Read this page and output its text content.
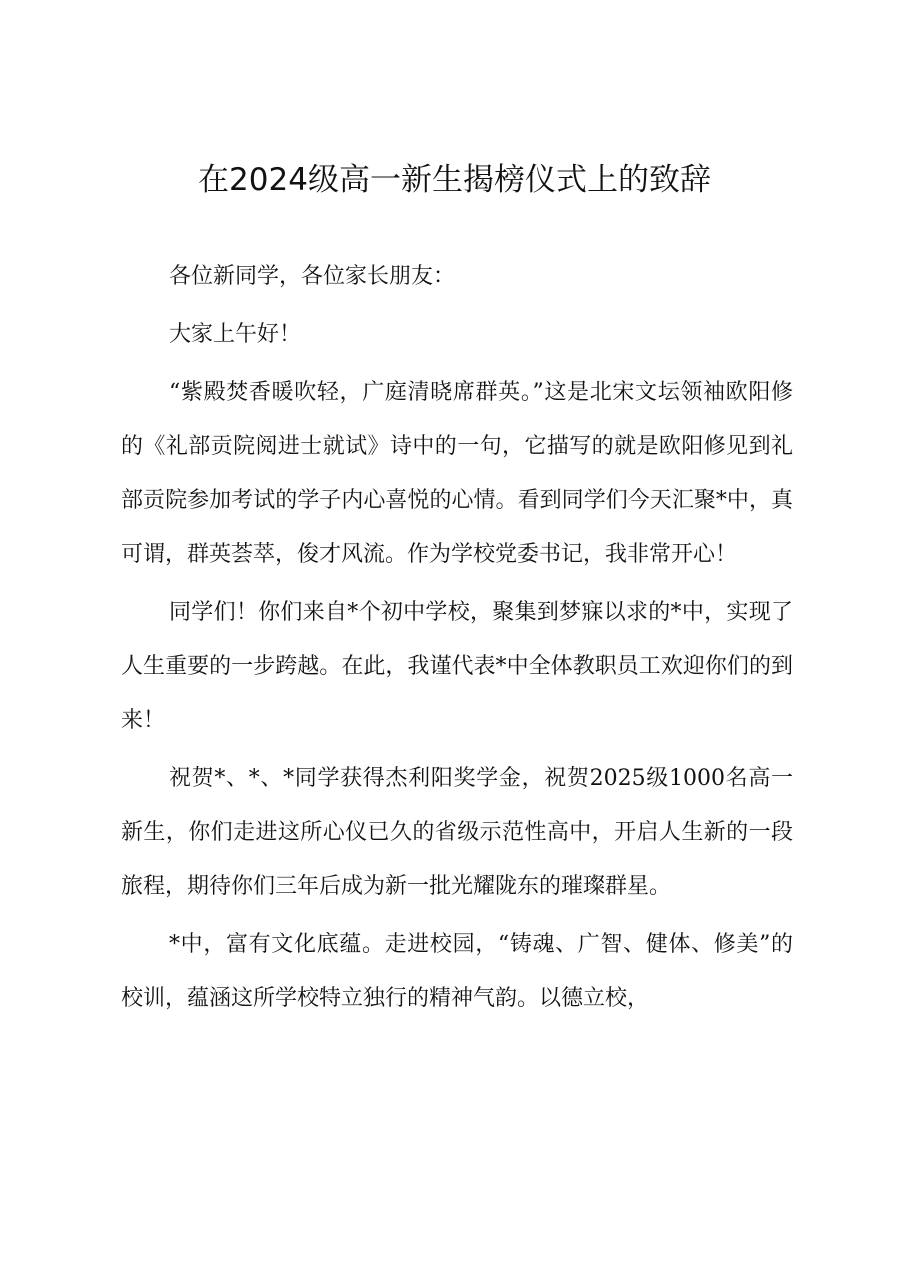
在2024级高一新生揭榜仪式上的致辞

各位新同学，各位家长朋友：

大家上午好！

“紫殿焚香暖吹轻，广庭清晓席群英。”这是北宋文坛领袖欧阳修的《礼部贡院阅进士就试》诗中的一句，它描写的就是欧阳修见到礼部贡院参加考试的学子内心喜悦的心情。看到同学们今天汇聚*中，真可谓，群英荟萃，俊才风流。作为学校党委书记，我非常开心！

同学们！你们来自*个初中学校，聚集到梦寐以求的*中，实现了人生重要的一步跨越。在此，我谨代表*中全体教职员工欢迎你们的到来！

祝贺*、*、*同学获得杰利阳奖学金，祝贺2025级1000名高一新生，你们走进这所心仪已久的省级示范性高中，开启人生新的一段旅程，期待你们三年后成为新一批光耀陇东的璀璨群星。

*中，富有文化底蕴。走进校园，“铸魂、广智、健体、修美”的校训，蕴涵这所学校特立独行的精神气韵。以德立校，
